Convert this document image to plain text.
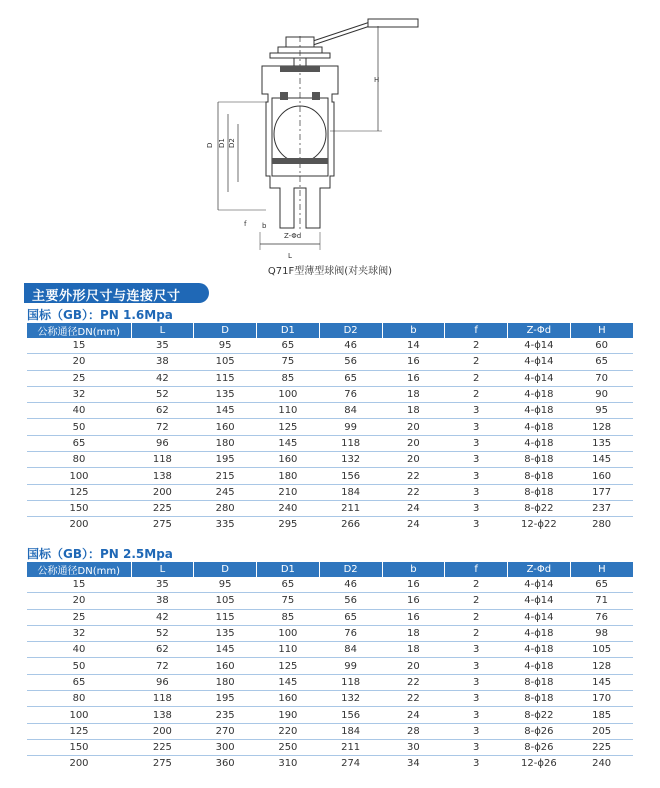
H
D D1 D2
f b
Z-Φd
L
Q71F型薄型球阀(对夹球阀)
主要外形尺寸与连接尺寸
国标（GB）：PN 1.6Mpa
公称通径DN(mm)	L	D	D1	D2	b	f	Z-Φd	H
15	35	95	65	46	14	2	4-ϕ14	60
20	38	105	75	56	16	2	4-ϕ14	65
25	42	115	85	65	16	2	4-ϕ14	70
32	52	135	100	76	18	2	4-ϕ18	90
40	62	145	110	84	18	3	4-ϕ18	95
50	72	160	125	99	20	3	4-ϕ18	128
65	96	180	145	118	20	3	4-ϕ18	135
80	118	195	160	132	20	3	8-ϕ18	145
100	138	215	180	156	22	3	8-ϕ18	160
125	200	245	210	184	22	3	8-ϕ18	177
150	225	280	240	211	24	3	8-ϕ22	237
200	275	335	295	266	24	3	12-ϕ22	280
国标（GB）：PN 2.5Mpa
公称通径DN(mm)	L	D	D1	D2	b	f	Z-Φd	H
15	35	95	65	46	16	2	4-ϕ14	65
20	38	105	75	56	16	2	4-ϕ14	71
25	42	115	85	65	16	2	4-ϕ14	76
32	52	135	100	76	18	2	4-ϕ18	98
40	62	145	110	84	18	3	4-ϕ18	105
50	72	160	125	99	20	3	4-ϕ18	128
65	96	180	145	118	22	3	8-ϕ18	145
80	118	195	160	132	22	3	8-ϕ18	170
100	138	235	190	156	24	3	8-ϕ22	185
125	200	270	220	184	28	3	8-ϕ26	205
150	225	300	250	211	30	3	8-ϕ26	225
200	275	360	310	274	34	3	12-ϕ26	240
